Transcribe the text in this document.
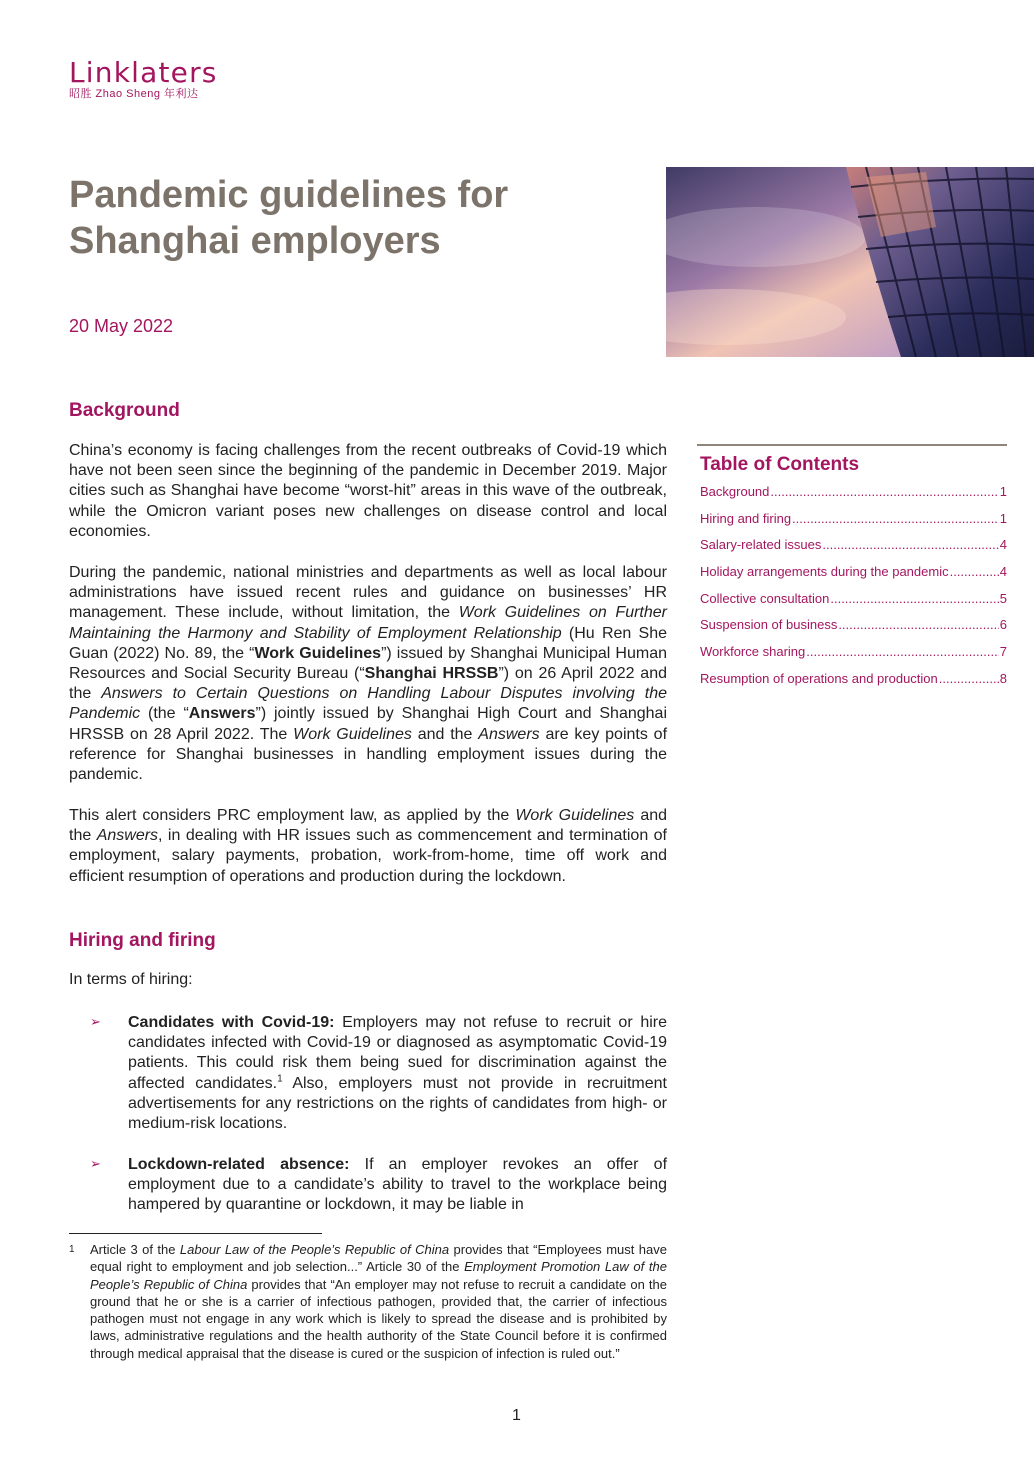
Linklaters
昭胜 Zhao Sheng 年利达
Pandemic guidelines for
Shanghai employers
20 May 2022
Background

China’s economy is facing challenges from the recent outbreaks of Covid-19 which have not been seen since the beginning of the pandemic in December 2019. Major cities such as Shanghai have become “worst-hit” areas in this wave of the outbreak, while the Omicron variant poses new challenges on disease control and local economies.

During the pandemic, national ministries and departments as well as local labour administrations have issued recent rules and guidance on businesses’ HR management. These include, without limitation, the Work Guidelines on Further Maintaining the Harmony and Stability of Employment Relationship (Hu Ren She Guan (2022) No. 89, the “Work Guidelines”) issued by Shanghai Municipal Human Resources and Social Security Bureau (“Shanghai HRSSB”) on 26 April 2022 and the Answers to Certain Questions on Handling Labour Disputes involving the Pandemic (the “Answers”) jointly issued by Shanghai High Court and Shanghai HRSSB on 28 April 2022. The Work Guidelines and the Answers are key points of reference for Shanghai businesses in handling employment issues during the pandemic.

This alert considers PRC employment law, as applied by the Work Guidelines and the Answers, in dealing with HR issues such as commencement and termination of employment, salary payments, probation, work-from-home, time off work and efficient resumption of operations and production during the lockdown.

Hiring and firing

In terms of hiring:

➢ Candidates with Covid-19: Employers may not refuse to recruit or hire candidates infected with Covid-19 or diagnosed as asymptomatic Covid-19 patients. This could risk them being sued for discrimination against the affected candidates.$^1$ Also, employers must not provide in recruitment advertisements for any restrictions on the rights of candidates from high- or medium-risk locations.
➢ Lockdown-related absence: If an employer revokes an offer of employment due to a candidate’s ability to travel to the workplace being hampered by quarantine or lockdown, it may be liable in
Table of Contents
Background .....	1
Hiring and firing .....	1
Salary-related issues .....	4
Holiday arrangements during the pandemic .....	4
Collective consultation .....	5
Suspension of business .....	6
Workforce sharing .....	7
Resumption of operations and production .....	8
1 Article 3 of the Labour Law of the People’s Republic of China provides that “Employees must have equal right to employment and job selection...” Article 30 of the Employment Promotion Law of the People’s Republic of China provides that “An employer may not refuse to recruit a candidate on the ground that he or she is a carrier of infectious pathogen, provided that, the carrier of infectious pathogen must not engage in any work which is likely to spread the disease and is prohibited by laws, administrative regulations and the health authority of the State Council before it is confirmed through medical appraisal that the disease is cured or the suspicion of infection is ruled out.”
1
